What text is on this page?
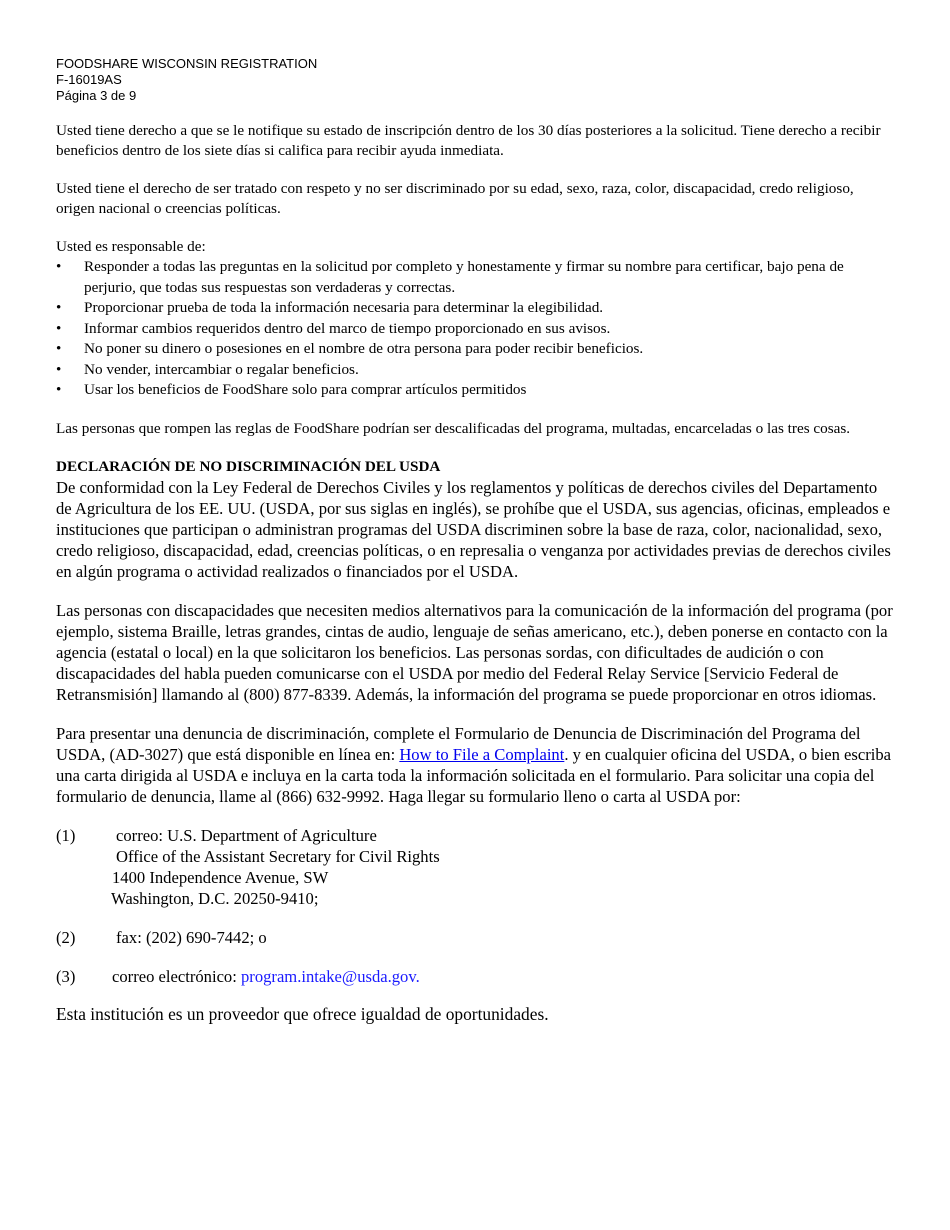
FOODSHARE WISCONSIN REGISTRATION
F-16019AS
Página 3 de 9

Usted tiene derecho a que se le notifique su estado de inscripción dentro de los 30 días posteriores a la solicitud. Tiene derecho a recibir beneficios dentro de los siete días si califica para recibir ayuda inmediata.

Usted tiene el derecho de ser tratado con respeto y no ser discriminado por su edad, sexo, raza, color, discapacidad, credo religioso, origen nacional o creencias políticas.

Usted es responsable de:

• Responder a todas las preguntas en la solicitud por completo y honestamente y firmar su nombre para certificar, bajo pena de perjurio, que todas sus respuestas son verdaderas y correctas.
• Proporcionar prueba de toda la información necesaria para determinar la elegibilidad.
• Informar cambios requeridos dentro del marco de tiempo proporcionado en sus avisos.
• No poner su dinero o posesiones en el nombre de otra persona para poder recibir beneficios.
• No vender, intercambiar o regalar beneficios.
• Usar los beneficios de FoodShare solo para comprar artículos permitidos

Las personas que rompen las reglas de FoodShare podrían ser descalificadas del programa, multadas, encarceladas o las tres cosas.

DECLARACIÓN DE NO DISCRIMINACIÓN DEL USDA

De conformidad con la Ley Federal de Derechos Civiles y los reglamentos y políticas de derechos civiles del Departamento de Agricultura de los EE. UU. (USDA, por sus siglas en inglés), se prohíbe que el USDA, sus agencias, oficinas, empleados e instituciones que participan o administran programas del USDA discriminen sobre la base de raza, color, nacionalidad, sexo, credo religioso, discapacidad, edad, creencias políticas, o en represalia o venganza por actividades previas de derechos civiles en algún programa o actividad realizados o financiados por el USDA.

Las personas con discapacidades que necesiten medios alternativos para la comunicación de la información del programa (por ejemplo, sistema Braille, letras grandes, cintas de audio, lenguaje de señas americano, etc.), deben ponerse en contacto con la agencia (estatal o local) en la que solicitaron los beneficios. Las personas sordas, con dificultades de audición o con discapacidades del habla pueden comunicarse con el USDA por medio del Federal Relay Service [Servicio Federal de Retransmisión] llamando al (800) 877-8339. Además, la información del programa se puede proporcionar en otros idiomas.

Para presentar una denuncia de discriminación, complete el Formulario de Denuncia de Discriminación del Programa del USDA, (AD-3027) que está disponible en línea en: How to File a Complaint. y en cualquier oficina del USDA, o bien escriba una carta dirigida al USDA e incluya en la carta toda la información solicitada en el formulario. Para solicitar una copia del formulario de denuncia, llame al (866) 632-9992. Haga llegar su formulario lleno o carta al USDA por:

(1)	correo: U.S. Department of Agriculture
Office of the Assistant Secretary for Civil Rights
1400 Independence Avenue, SW
Washington, D.C. 20250-9410;
(2)	fax: (202) 690-7442; o
(3)	correo electrónico: program.intake@usda.gov.

Esta institución es un proveedor que ofrece igualdad de oportunidades.
